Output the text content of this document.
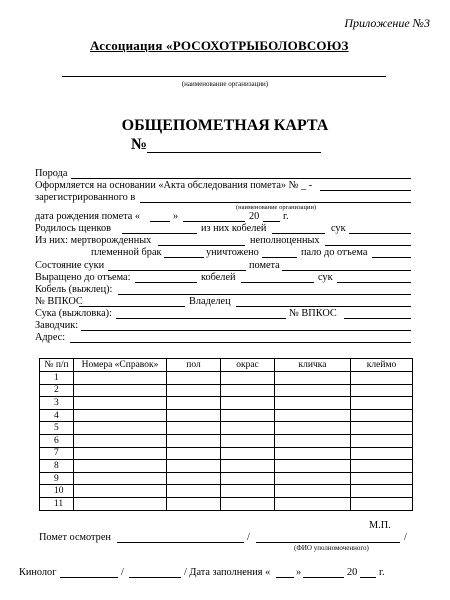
Приложение №3
Ассоциация «РОСОХОТРЫБОЛОВСОЮЗ
(наименование организации)
ОБЩЕПОМЕТНАЯ КАРТА
№
Порода
Оформляется на основании «Акта обследования помета» № _ -
зарегистрированного в
(наименование организации)
дата рождения помета «	»	20 г.
Родилось щенков	из них кобелей	сук
Из них: мертворожденных	неполноценных
племенной брак	уничтожено	пало до отъема
Состояние суки	помета
Выращено до отъема:	кобелей	сук
Кобель (выжлец):
№ ВПКОС	Владелец
Сука (выжловка):	№ ВПКОС
Заводчик:
Адрес:
№ п/п	Номера «Справок»	пол	окрас	кличка	клеймо
1					
2					
3					
4					
5					
6					
7					
8					
9					
10					
11					
М.П.
Помет осмотрен	/	/
(ФИО уполномоченного)
Кинолог	/	/ Дата заполнения « »	20 г.
